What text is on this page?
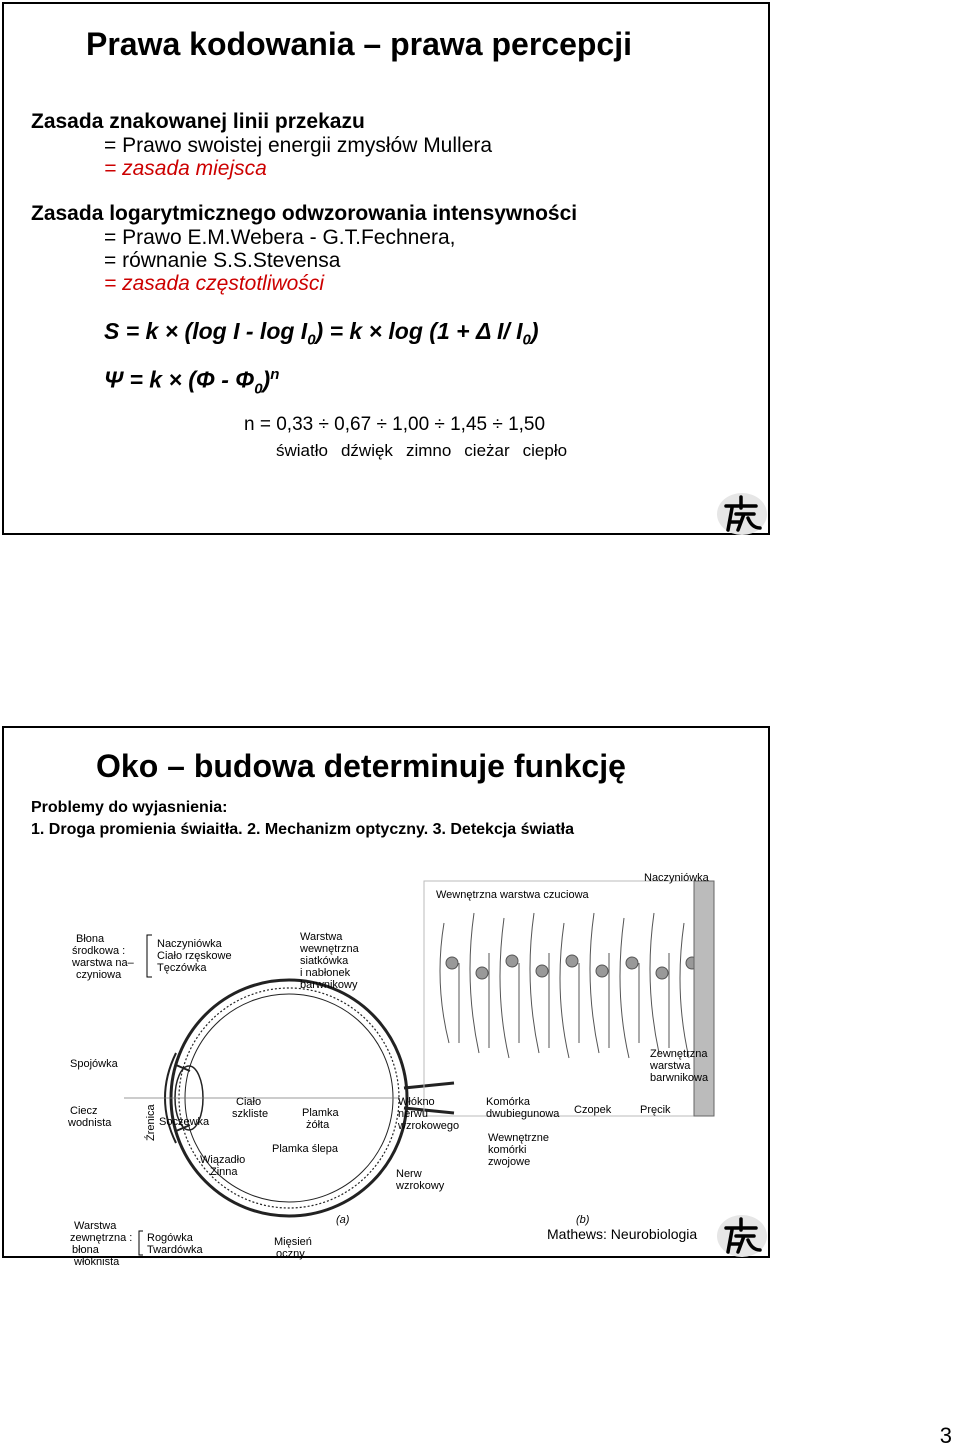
Prawa kodowania – prawa percepcji
Zasada znakowanej linii przekazu
= Prawo swoistej energii zmysłów Mullera
= zasada miejsca
Zasada logarytmicznego odwzorowania intensywności
= Prawo E.M.Webera - G.T.Fechnera,
= równanie S.S.Stevensa
= zasada częstotliwości
S = k × (log $I - \log I_0) = k \times \log (1 + \Delta$ I/ $I_0$)
$\Psi = k \times (\Phi - \Phi_0)^n$
n = 0,33 ÷ 0,67 ÷ 1,00 ÷ 1,45 ÷ 1,50
światło dźwięk zimno cieżar ciepło
Oko – budowa determinuje funkcję
Problemy do wyjasnienia:
1. Droga promienia świaitła. 2. Mechanizm optyczny. 3. Detekcja światła
Błona
środkowa :
warstwa na–
czyniowa
Naczyniówka
Ciało rzęskowe
Tęczówka
Warstwa
wewnętrzna
siatkówka
i nabłonek
barwnikowy
Spojówka
Ciecz
wodnista	Źrenica Soczewka
Ciało
szkliste	Plamka
żółta
Plamka ślepa
Wiązadło
Zinna
Włókno
nerwu
wzrokowego
Nerw
wzrokowy
Warstwa
zewnętrzna :
błona
włóknista
Rogówka
Twardówka
Mięsień
oczny
(a)
Wewnętrzna warstwa czuciowa
Naczyniówka
Zewnętrzna
warstwa
barwnikowa
Komórka
dwubiegunowa Czopek	Pręcik
Wewnętrzne
komórki
zwojowe
(b)
Mathews: Neurobiologia
3
